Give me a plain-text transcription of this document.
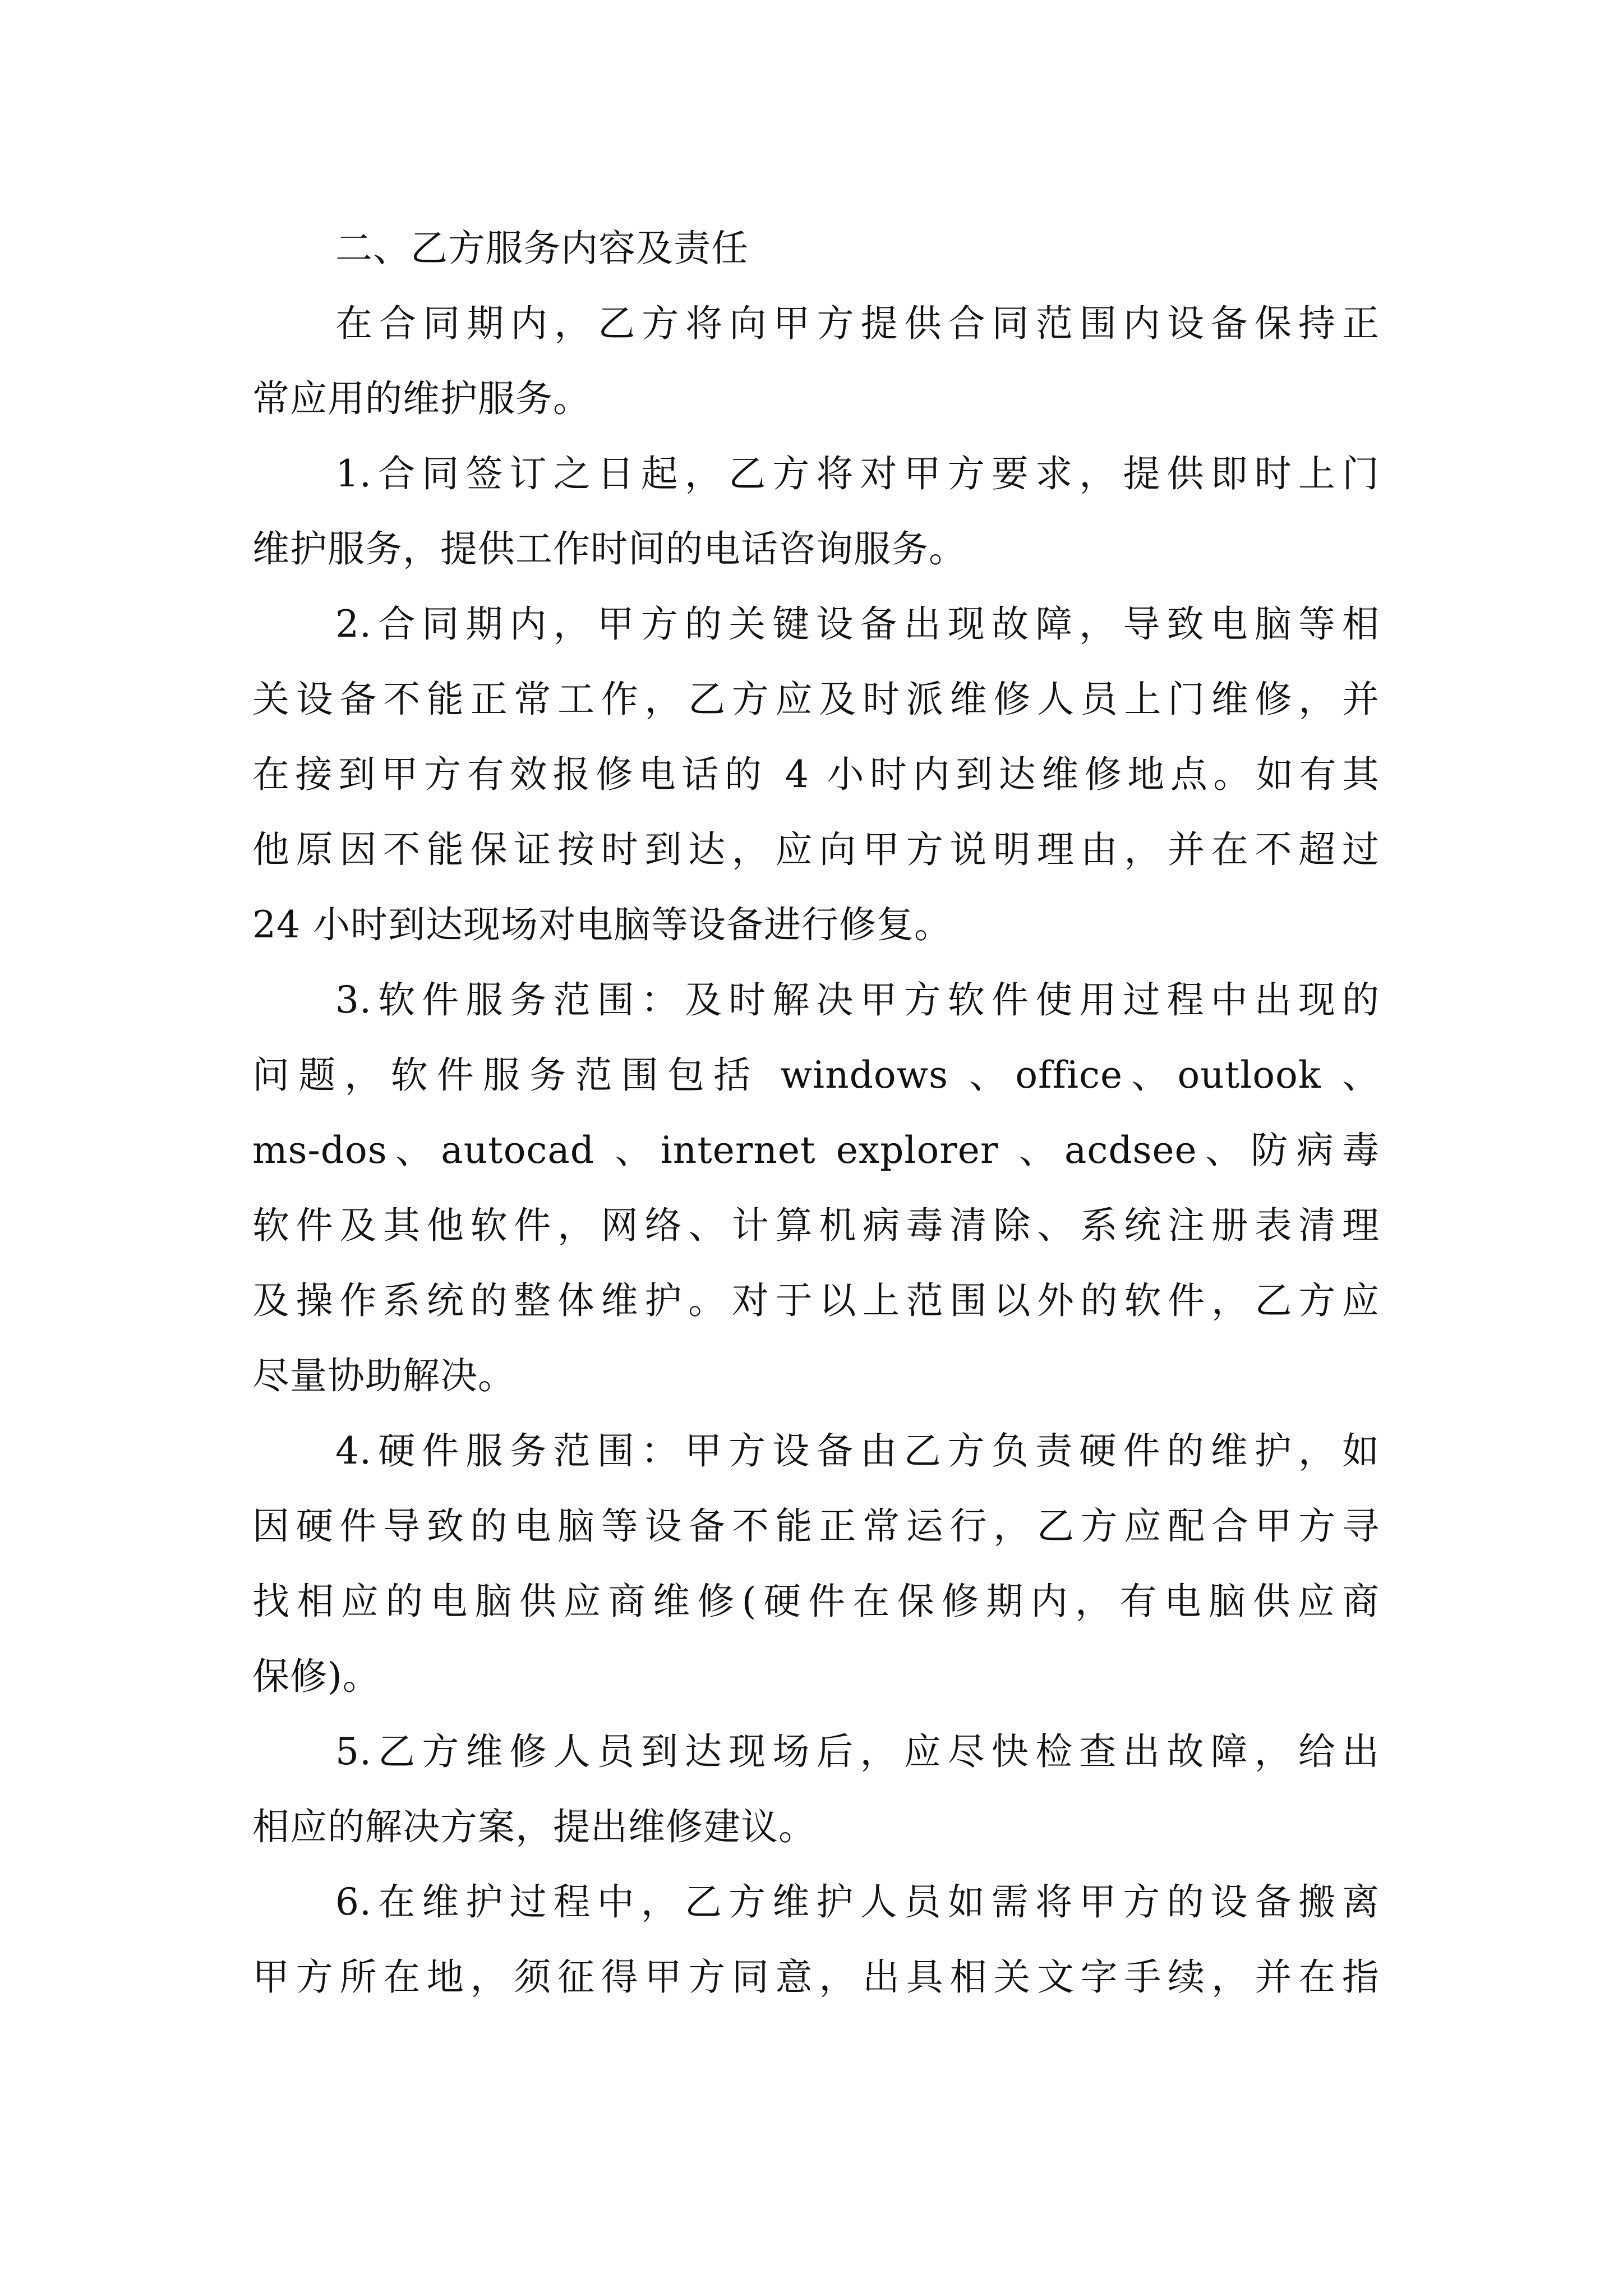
二、乙方服务内容及责任
在合同期内，乙方将向甲方提供合同范围内设备保持正
常应用的维护服务。
1.合同签订之日起，乙方将对甲方要求，提供即时上门
维护服务，提供工作时间的电话咨询服务。
2.合同期内，甲方的关键设备出现故障，导致电脑等相
关设备不能正常工作，乙方应及时派维修人员上门维修，并
在接到甲方有效报修电话的 4 小时内到达维修地点。如有其
他原因不能保证按时到达，应向甲方说明理由，并在不超过
24 小时到达现场对电脑等设备进行修复。
3.软件服务范围：及时解决甲方软件使用过程中出现的
问题，软件服务范围包括 windows 、office、outlook 、
ms-dos、autocad 、internet explorer 、acdsee、防病毒
软件及其他软件，网络、计算机病毒清除、系统注册表清理
及操作系统的整体维护。对于以上范围以外的软件，乙方应
尽量协助解决。
4.硬件服务范围：甲方设备由乙方负责硬件的维护，如
因硬件导致的电脑等设备不能正常运行，乙方应配合甲方寻
找相应的电脑供应商维修(硬件在保修期内，有电脑供应商
保修)。
5.乙方维修人员到达现场后，应尽快检查出故障，给出
相应的解决方案，提出维修建议。
6.在维护过程中，乙方维护人员如需将甲方的设备搬离
甲方所在地，须征得甲方同意，出具相关文字手续，并在指
